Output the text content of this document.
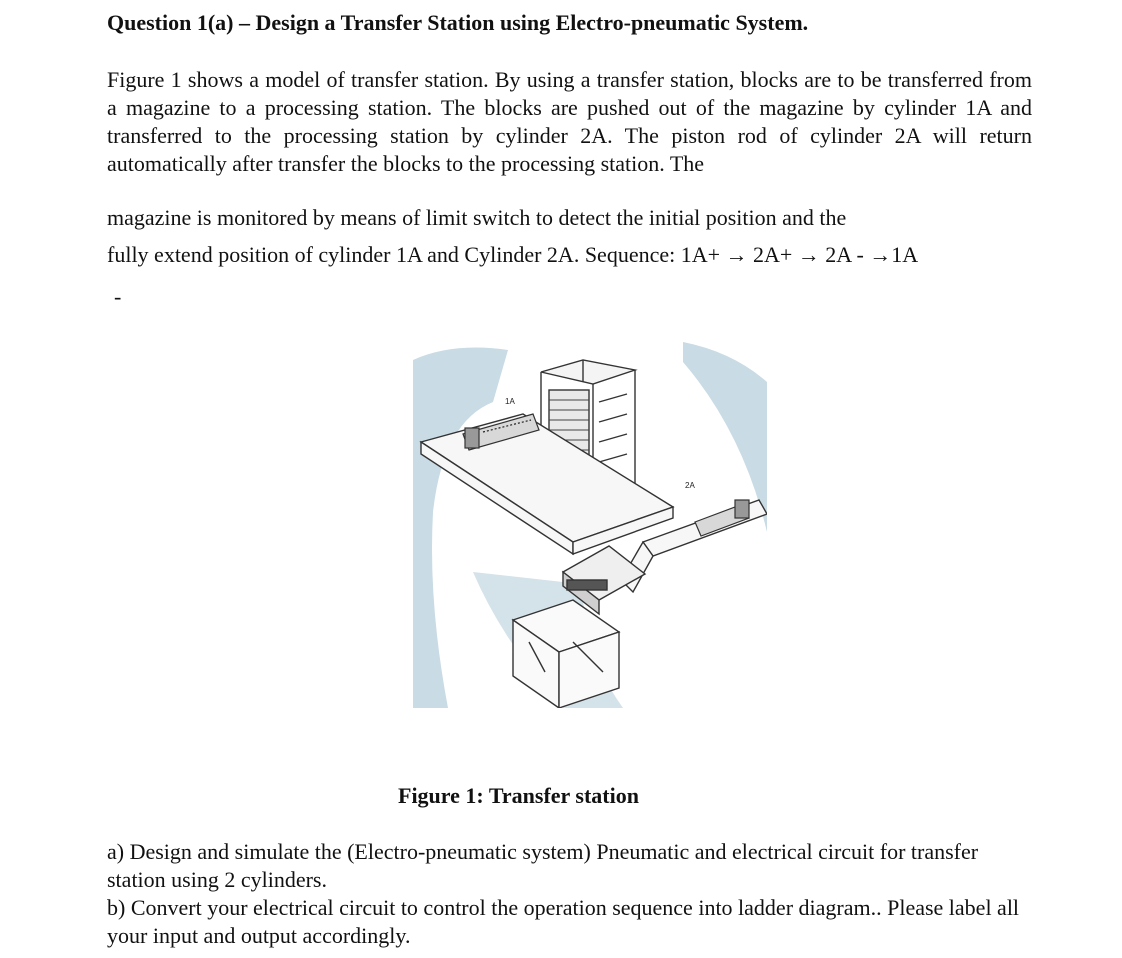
Question 1(a) – Design a Transfer Station using Electro-pneumatic System.
Figure 1 shows a model of transfer station. By using a transfer station, blocks are to be transferred from a magazine to a processing station. The blocks are pushed out of the magazine by cylinder 1A and transferred to the processing station by cylinder 2A. The piston rod of cylinder 2A will return automatically after transfer the blocks to the processing station. The
magazine is monitored by means of limit switch to detect the initial position and the
fully extend position of cylinder 1A and Cylinder 2A. Sequence: 1A+ → 2A+ → 2A - →1A
-
1A
2A
Figure 1: Transfer station
a) Design and simulate the (Electro-pneumatic system) Pneumatic and electrical circuit for transfer station using 2 cylinders.
b) Convert your electrical circuit to control the operation sequence into ladder diagram.. Please label all your input and output accordingly.
